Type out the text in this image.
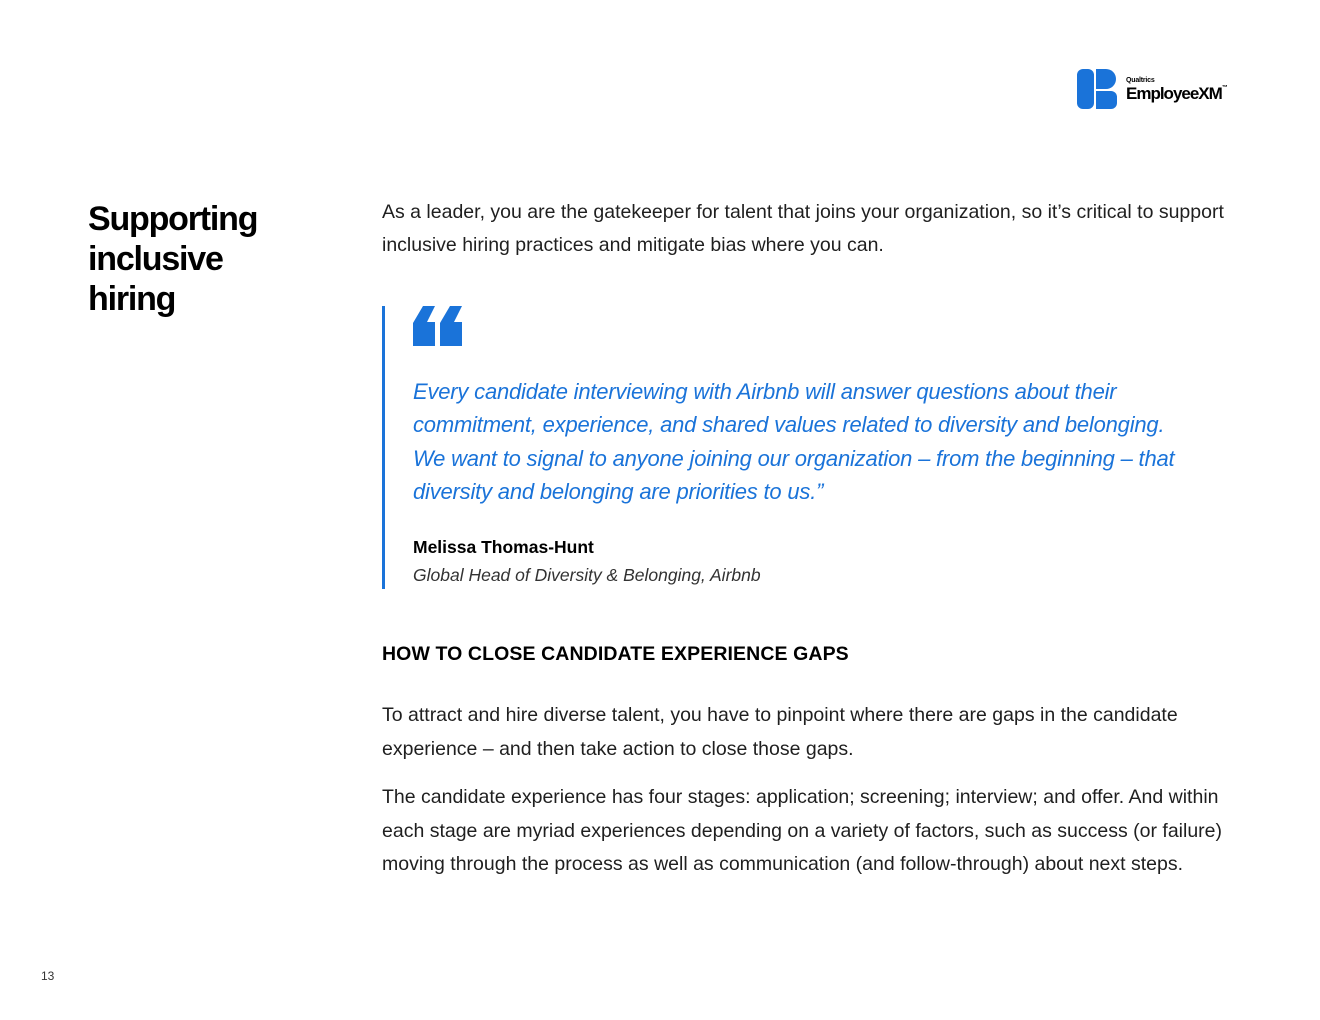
Qualtrics
EmployeeXM™
Supporting inclusive hiring

As a leader, you are the gatekeeper for talent that joins your organization, so it’s critical to support inclusive hiring practices and mitigate bias where you can.

Every candidate interviewing with Airbnb will answer questions about their commitment, experience, and shared values related to diversity and belonging. We want to signal to anyone joining our organization – from the beginning – that diversity and belonging are priorities to us.”

Melissa Thomas-Hunt
Global Head of Diversity & Belonging, Airbnb
HOW TO CLOSE CANDIDATE EXPERIENCE GAPS

To attract and hire diverse talent, you have to pinpoint where there are gaps in the candidate experience – and then take action to close those gaps.

The candidate experience has four stages: application; screening; interview; and offer. And within each stage are myriad experiences depending on a variety of factors, such as success (or failure) moving through the process as well as communication (and follow-through) about next steps.

13
